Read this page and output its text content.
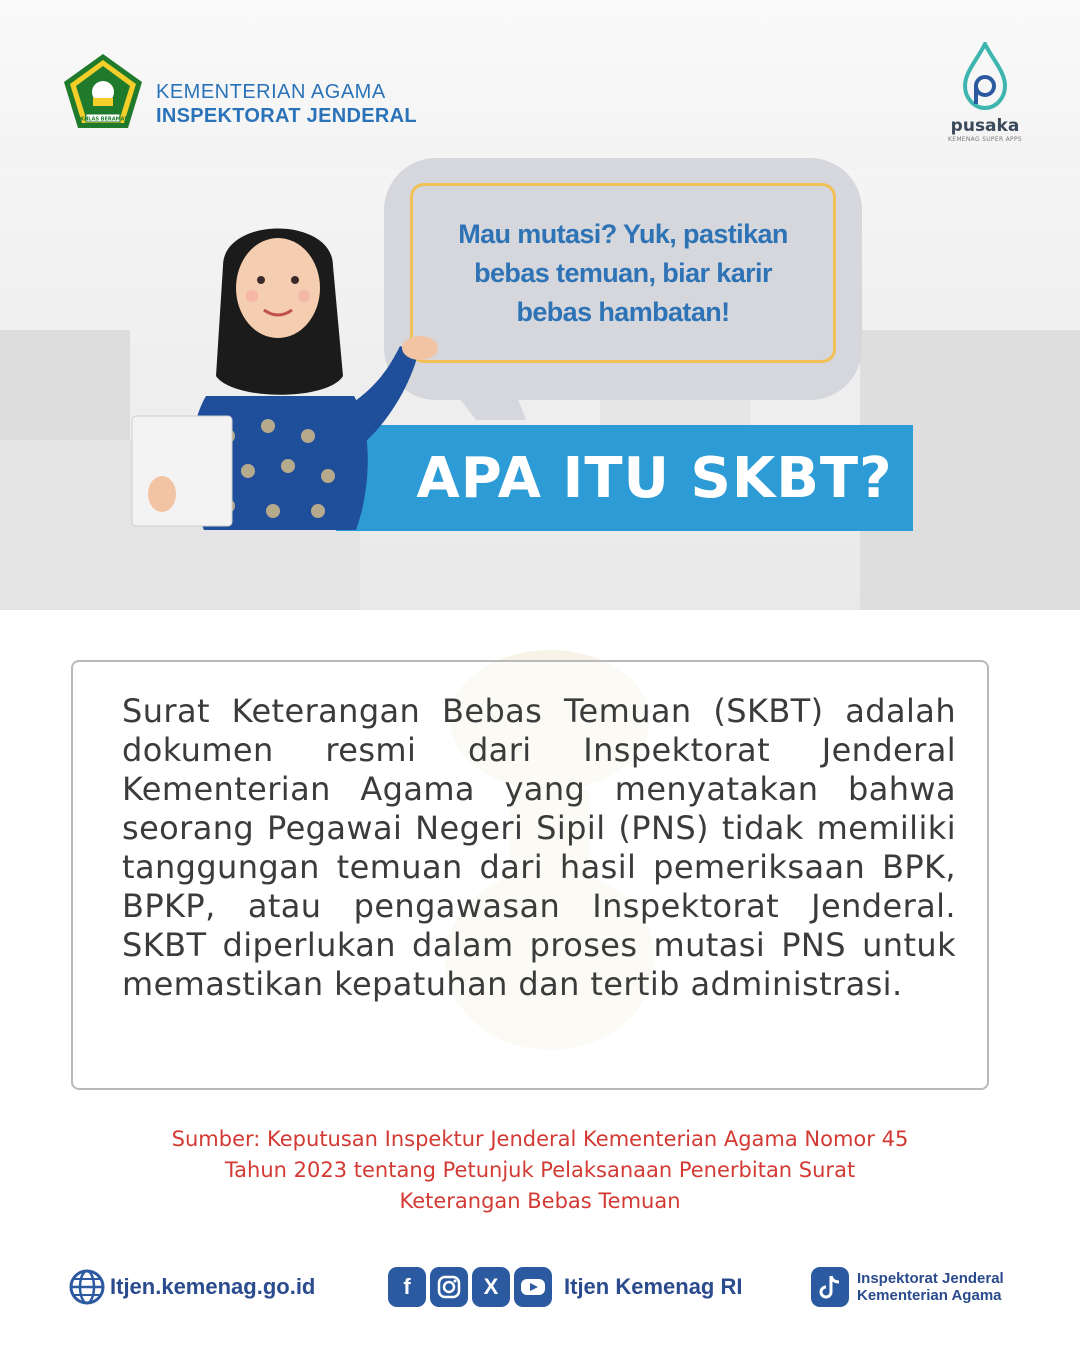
IKHLAS BERAMAL
KEMENTERIAN AGAMA
INSPEKTORAT JENDERAL	pusaka
KEMENAG SUPER APPS
Mau mutasi? Yuk, pastikan bebas temuan, biar karir bebas hambatan!
APA ITU SKBT?
Surat Keterangan Bebas Temuan (SKBT) adalah dokumen resmi dari Inspektorat Jenderal Kementerian Agama yang menyatakan bahwa seorang Pegawai Negeri Sipil (PNS) tidak memiliki tanggungan temuan dari hasil pemeriksaan BPK, BPKP, atau pengawasan Inspektorat Jenderal. SKBT diperlukan dalam proses mutasi PNS untuk memastikan kepatuhan dan tertib administrasi.
Sumber: Keputusan Inspektur Jenderal Kementerian Agama Nomor 45
Tahun 2023 tentang Petunjuk Pelaksanaan Penerbitan Surat
Keterangan Bebas Temuan
Itjen.kemenag.go.id	f	X	Itjen Kemenag RI	Inspektorat Jenderal
Kementerian Agama
